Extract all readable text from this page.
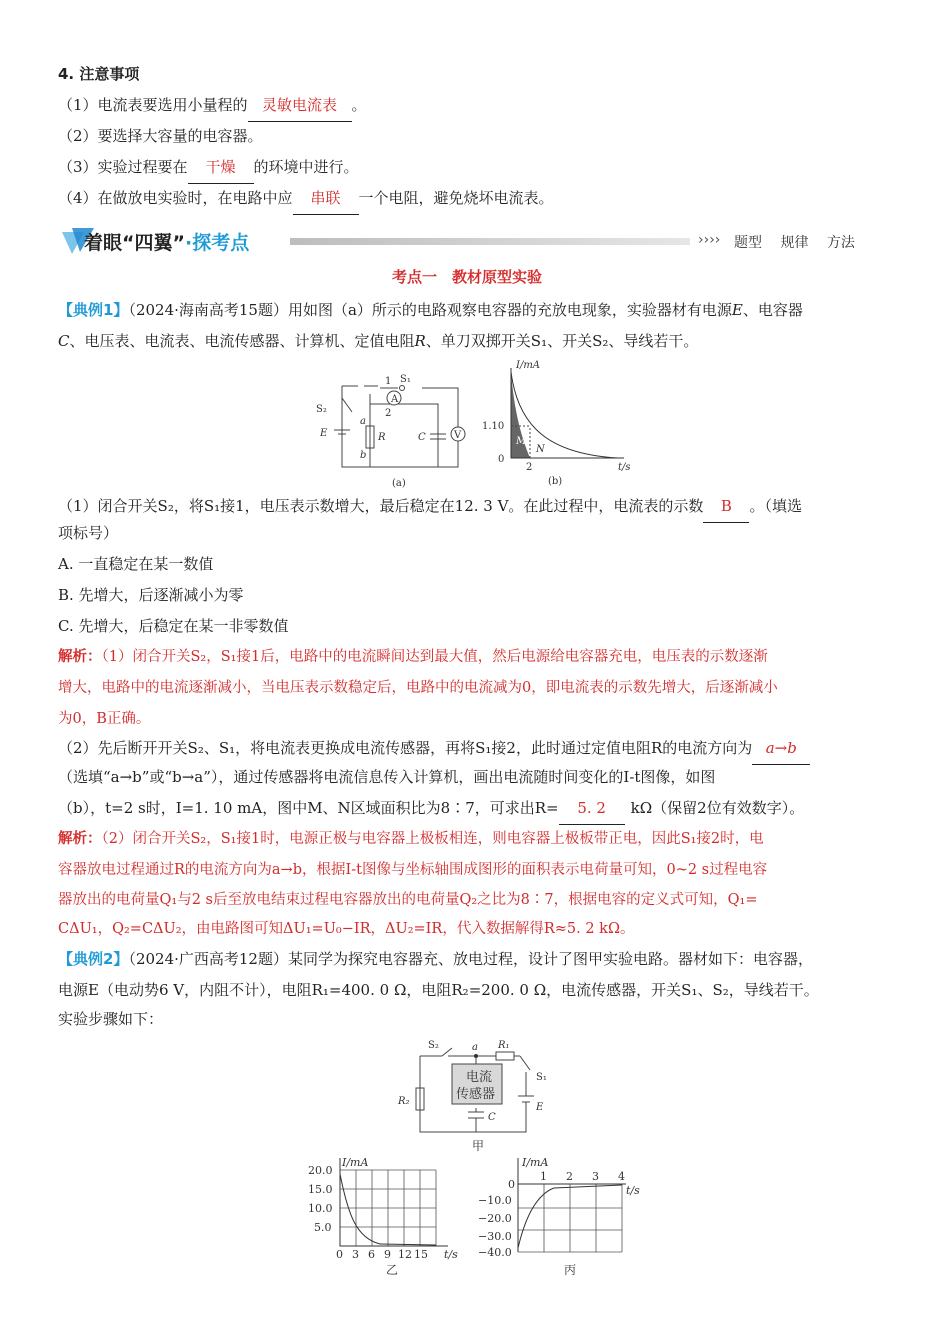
4. 注意事项
（1）电流表要选用小量程的 灵敏电流表 。
（2）要选择大容量的电容器。
（3）实验过程要在 干燥 的环境中进行。
（4）在做放电实验时，在电路中应 串联 一个电阻，避免烧坏电流表。
着眼“四翼”·探考点	›››› 题型 规律 方法
考点一　教材原型实验
【典例1】（2024·海南高考15题）用如图（a）所示的电路观察电容器的充放电现象，实验器材有电源E、电容器
C、电压表、电流表、电流传感器、计算机、定值电阻R、单刀双掷开关S₁、开关S₂、导线若干。
1 S₁
2
A
V
S₂
E
a
b
R	C
(a)
I/mA
1.10
0
2	t/s
M
N
(b)
（1）闭合开关S₂，将S₁接1，电压表示数增大，最后稳定在12. 3 V。在此过程中，电流表的示数 B 。（填选
项标号）
A. 一直稳定在某一数值
B. 先增大，后逐渐减小为零
C. 先增大，后稳定在某一非零数值
解析：（1）闭合开关S₂，S₁接1后，电路中的电流瞬间达到最大值，然后电源给电容器充电，电压表的示数逐渐
增大，电路中的电流逐渐减小，当电压表示数稳定后，电路中的电流减为0，即电流表的示数先增大，后逐渐减小
为0，B正确。
（2）先后断开开关S₂、S₁，将电流表更换成电流传感器，再将S₁接2，此时通过定值电阻R的电流方向为 a→b
（选填“a→b”或“b→a”），通过传感器将电流信息传入计算机，画出电流随时间变化的I-t图像，如图
（b），t=2 s时，I=1. 10 mA，图中M、N区域面积比为8∶7，可求出R= 5. 2 kΩ（保留2位有效数字）。
解析：（2）闭合开关S₂，S₁接1时，电源正极与电容器上极板相连，则电容器上极板带正电，因此S₁接2时，电
容器放电过程通过R的电流方向为a→b，根据I-t图像与坐标轴围成图形的面积表示电荷量可知，0~2 s过程电容
器放出的电荷量Q₁与2 s后至放电结束过程电容器放出的电荷量Q₂之比为8∶7，根据电容的定义式可知，Q₁=
CΔU₁，Q₂=CΔU₂，由电路图可知ΔU₁=U₀−IR，ΔU₂=IR，代入数据解得R≈5. 2 kΩ。
【典例2】（2024·广西高考12题）某同学为探究电容器充、放电过程，设计了图甲实验电路。器材如下：电容器，
电源E（电动势6 V，内阻不计），电阻R₁=400. 0 Ω，电阻R₂=200. 0 Ω，电流传感器，开关S₁、S₂，导线若干。
实验步骤如下：
电流
传感器
S₂	a R₁
S₁
R₂
C
E
甲
I/mA
20.0
15.0
10.0
5.0
0 3 6 9 12 15 t/s
乙
I/mA
0
−10.0
−20.0
−30.0
−40.0
1 2 3 4
t/s
丙
